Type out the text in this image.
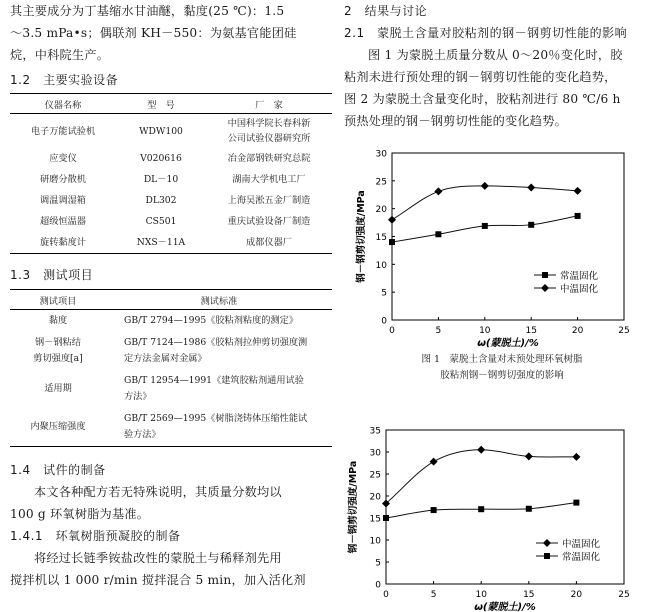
其主要成分为丁基缩水甘油醚，黏度(25 ℃)：1.5

～3.5 mPa•s；偶联剂 KH－550：为氨基官能团硅

烷，中科院生产。

1.2　主要实验设备

仪器名称	型　号	厂　家
电子万能试验机	WDW100	中国科学院长春科新
公司试验仪器研究所
应变仪	V020616	冶金部钢铁研究总院
研磨分散机	DL－10	湖南大学机电工厂
调温调湿箱	DL302	上海吴淞五金厂制造
超级恒温器	CS501	重庆试验设备厂制造
旋转黏度计	NXS－11A	成都仪器厂

1.3　测试项目

测试项目	测试标准
黏度	GB/T 2794—1995《胶粘剂粘度的测定》
钢－钢粘结
剪切强度[a]	GB/T 7124—1986《胶粘剂拉伸剪切强度测
定方法金属对金属》
适用期	GB/T 12954—1991《建筑胶粘剂通用试验
方法》
内聚压缩强度	GB/T 2569—1995《树脂浇铸体压缩性能试
验方法》

1.4　试件的制备

本文各种配方若无特殊说明，其质量分数均以

100 g 环氧树脂为基准。

1.4.1　环氧树脂预凝胶的制备

将经过长链季铵盐改性的蒙脱土与稀释剂先用

搅拌机以 1 000 r/min 搅拌混合 5 min，加入活化剂

2　结果与讨论

2.1　蒙脱土含量对胶粘剂的钢－钢剪切性能的影响

图 1 为蒙脱土质量分数从 0～20％变化时，胶

粘剂未进行预处理的钢－钢剪切性能的变化趋势，

图 2 为蒙脱土含量变化时，胶粘剂进行 80 ℃/6 h

预热处理的钢－钢剪切性能的变化趋势。

0
5
10
15
20
25
30
0	5	10	15	20	25
ω(蒙脱土)/%
钢－钢剪切强度/MPa	常温固化
中温固化

图 1　蒙脱土含量对未预处理环氧树脂

胶粘剂钢－钢剪切强度的影响

0
5
10
15
20
25
30
35
0	5	10	15	20	25
ω(蒙脱土)/%
钢－钢剪切强度/MPa	中温固化
常温固化
